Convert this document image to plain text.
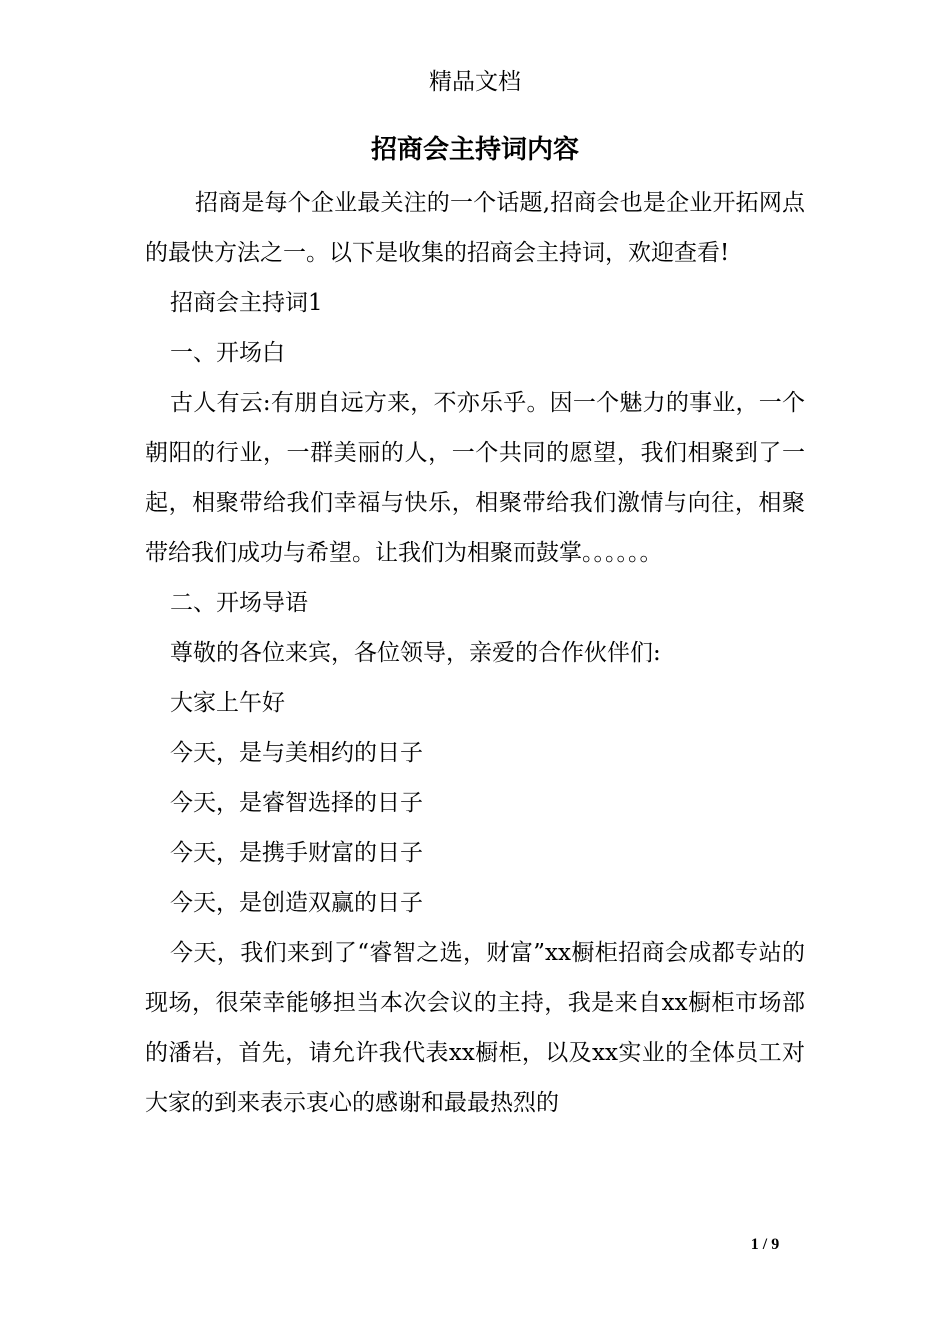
精品文档
招商会主持词内容

招商是每个企业最关注的一个话题,招商会也是企业开拓网点的最快方法之一。以下是收集的招商会主持词，欢迎查看!

招商会主持词1

一、开场白

古人有云:有朋自远方来，不亦乐乎。因一个魅力的事业，一个朝阳的行业，一群美丽的人，一个共同的愿望，我们相聚到了一起，相聚带给我们幸福与快乐，相聚带给我们激情与向往，相聚带给我们成功与希望。让我们为相聚而鼓掌。。。。。。

二、开场导语

尊敬的各位来宾，各位领导，亲爱的合作伙伴们:

大家上午好

今天，是与美相约的日子

今天，是睿智选择的日子

今天，是携手财富的日子

今天，是创造双赢的日子

今天，我们来到了“睿智之选，财富”xx橱柜招商会成都专站的现场，很荣幸能够担当本次会议的主持，我是来自xx橱柜市场部的潘岩，首先，请允许我代表xx橱柜，以及xx实业的全体员工对大家的到来表示衷心的感谢和最最热烈的

1 / 9
